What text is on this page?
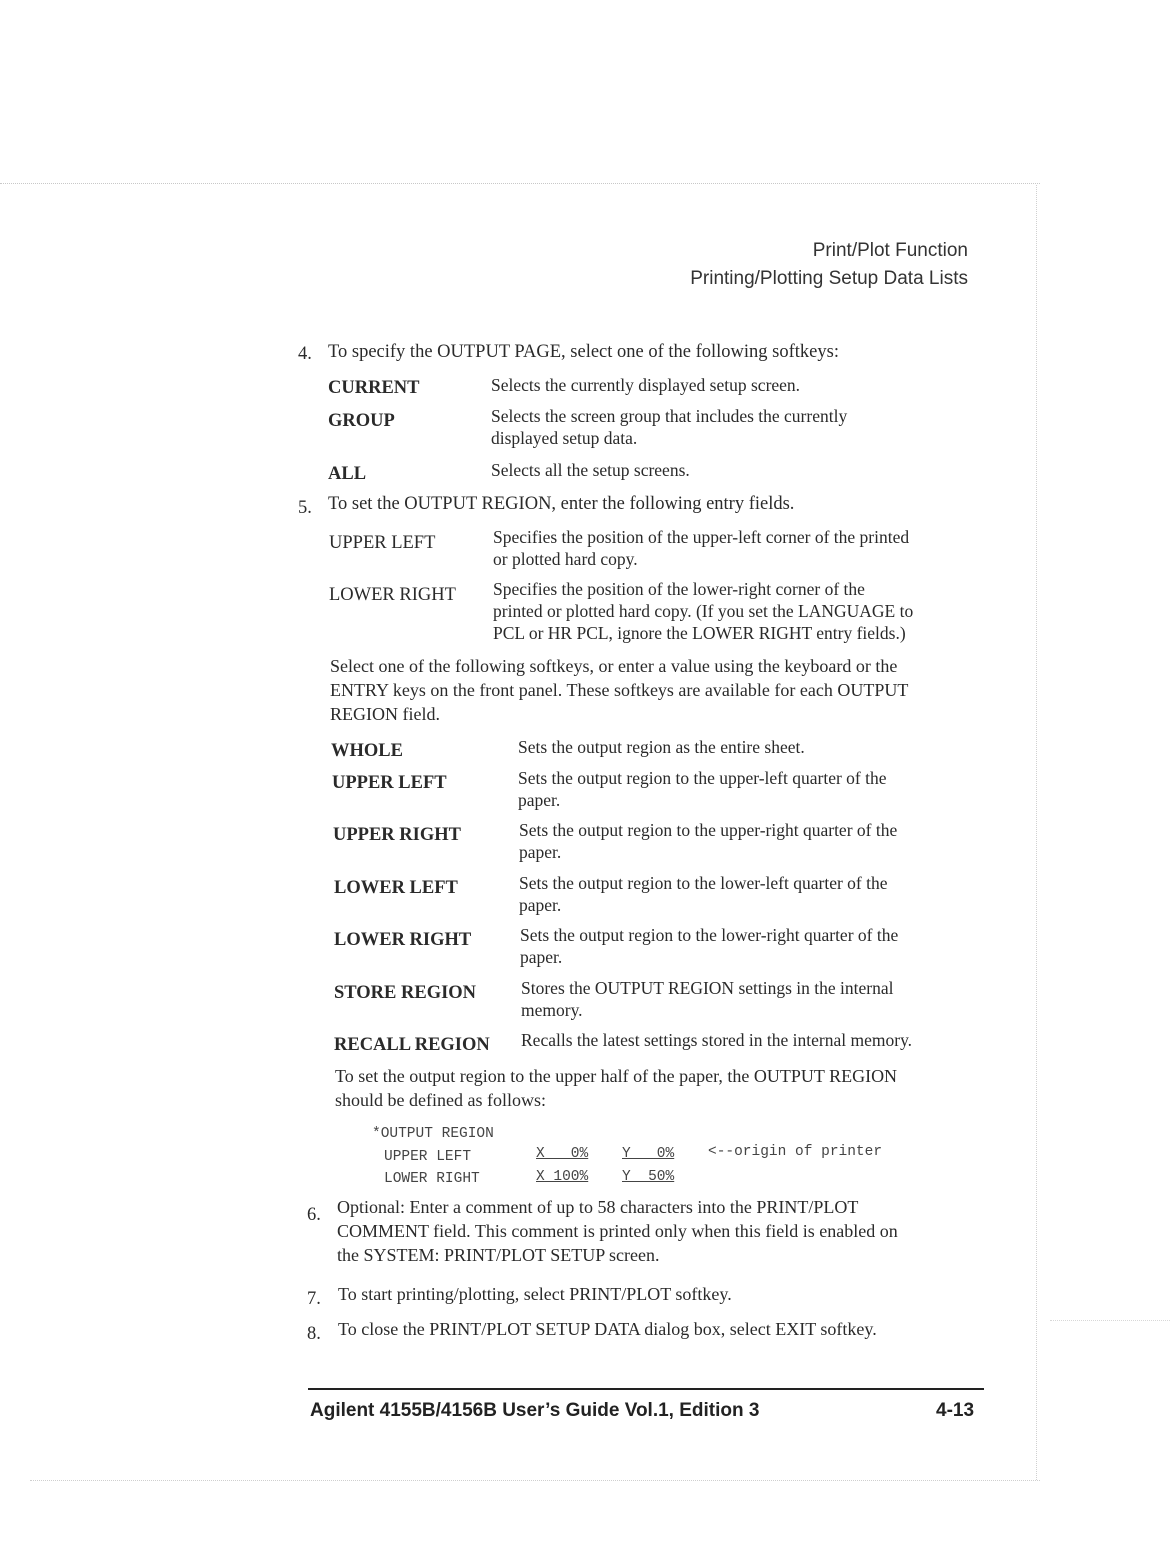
Print/Plot Function
Printing/Plotting Setup Data Lists
4. To specify the OUTPUT PAGE, select one of the following softkeys:
CURRENT	Selects the currently displayed setup screen.
GROUP	Selects the screen group that includes the currently
displayed setup data.
ALL	Selects all the setup screens.
5. To set the OUTPUT REGION, enter the following entry fields.
UPPER LEFT	Specifies the position of the upper-left corner of the printed
or plotted hard copy.
LOWER RIGHT Specifies the position of the lower-right corner of the
printed or plotted hard copy. (If you set the LANGUAGE to
PCL or HR PCL, ignore the LOWER RIGHT entry fields.)
Select one of the following softkeys, or enter a value using the keyboard or the
ENTRY keys on the front panel. These softkeys are available for each OUTPUT
REGION field.
WHOLE	Sets the output region as the entire sheet.
UPPER LEFT	Sets the output region to the upper-left quarter of the
paper.
UPPER RIGHT	Sets the output region to the upper-right quarter of the
paper.
LOWER LEFT	Sets the output region to the lower-left quarter of the
paper.
LOWER RIGHT	Sets the output region to the lower-right quarter of the
paper.
STORE REGION	Stores the OUTPUT REGION settings in the internal
memory.
RECALL REGION Recalls the latest settings stored in the internal memory.
To set the output region to the upper half of the paper, the OUTPUT REGION
should be defined as follows:
*OUTPUT REGION
UPPER LEFT	X   0% Y   0% <--origin of printer
LOWER RIGHT	X 100% Y  50%
6. Optional: Enter a comment of up to 58 characters into the PRINT/PLOT
COMMENT field. This comment is printed only when this field is enabled on
the SYSTEM: PRINT/PLOT SETUP screen.
7. To start printing/plotting, select PRINT/PLOT softkey.
8. To close the PRINT/PLOT SETUP DATA dialog box, select EXIT softkey.
Agilent 4155B/4156B User’s Guide Vol.1, Edition 3	4-13
